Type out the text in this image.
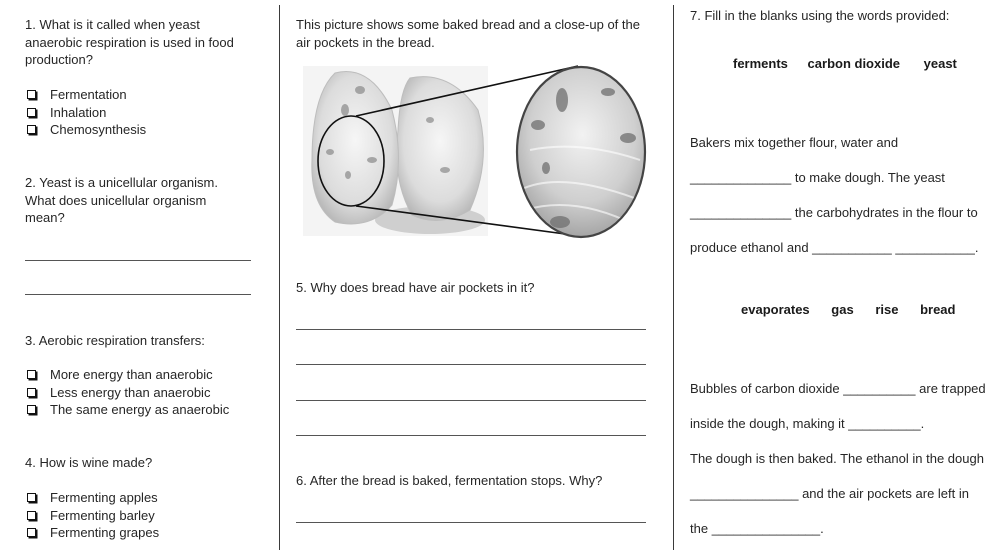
1. What is it called when yeast
anaerobic respiration is used in food
production?
Fermentation
Inhalation
Chemosynthesis
2. Yeast is a unicellular organism.
What does unicellular organism
mean?
3. Aerobic respiration transfers:
More energy than anaerobic
Less energy than anaerobic
The same energy as anaerobic
4. How is wine made?
Fermenting apples
Fermenting barley
Fermenting grapes
This picture shows some baked bread and a close-up of the
air pockets in the bread.
5. Why does bread have air pockets in it?
6. After the bread is baked, fermentation stops. Why?
7. Fill in the blanks using the words provided:
ferments carbon dioxide yeast
Bakers mix together flour, water and
______________ to make dough. The yeast
______________ the carbohydrates in the flour to
produce ethanol and ___________ ___________.
evaporates gas rise bread
Bubbles of carbon dioxide __________ are trapped
inside the dough, making it __________.
The dough is then baked. The ethanol in the dough
_______________ and the air pockets are left in
the _______________.
